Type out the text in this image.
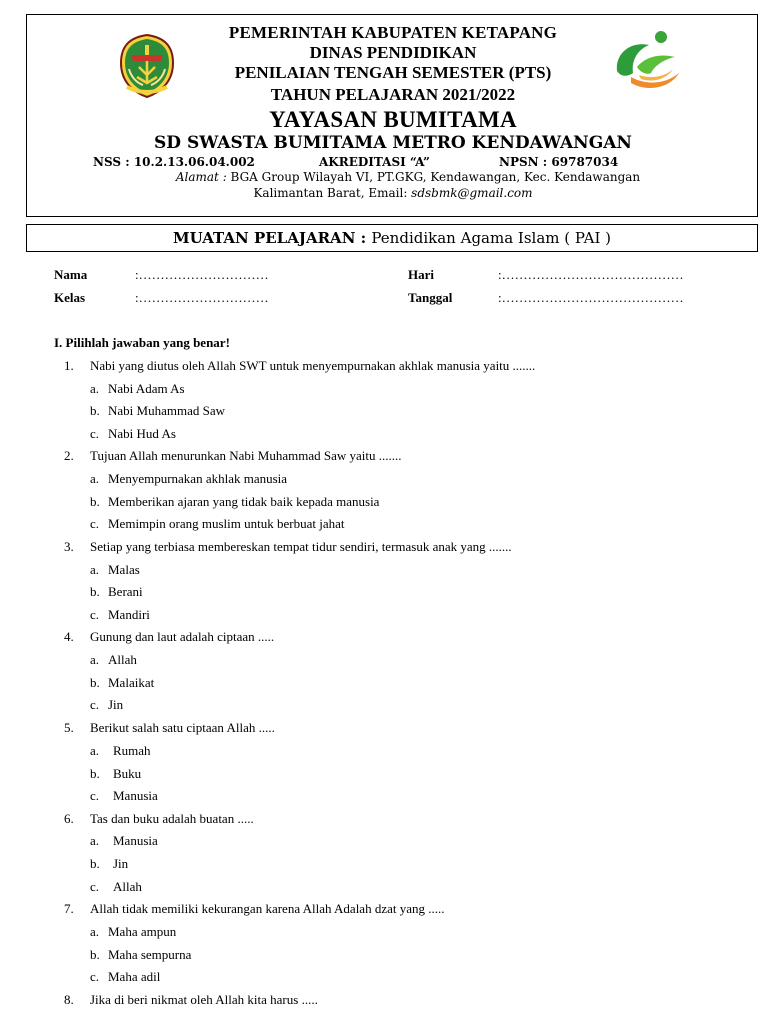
PEMERINTAH KABUPATEN KETAPANG
DINAS PENDIDIKAN
PENILAIAN TENGAH SEMESTER (PTS)
TAHUN PELAJARAN 2021/2022
YAYASAN BUMITAMA
SD SWASTA BUMITAMA METRO KENDAWANGAN
NSS : 10.2.13.06.04.002	AKREDITASI “A”	NPSN : 69787034
Alamat : BGA Group Wilayah VI, PT.GKG, Kendawangan, Kec. Kendawangan
Kalimantan Barat, Email: sdsbmk@gmail.com
MUATAN PELAJARAN : Pendidikan Agama Islam ( PAI )
Nama	:…………………………
Kelas	:…………………………
Hari	:……………………………………
Tanggal	:……………………………………
I. Pilihlah jawaban yang benar!
1. Nabi yang diutus oleh Allah SWT untuk menyempurnakan akhlak manusia yaitu .......
a. Nabi Adam As
b. Nabi Muhammad Saw
c. Nabi Hud As
2. Tujuan Allah menurunkan Nabi Muhammad Saw yaitu .......
a. Menyempurnakan akhlak manusia
b. Memberikan ajaran yang tidak baik kepada manusia
c. Memimpin orang muslim untuk berbuat jahat
3. Setiap yang terbiasa membereskan tempat tidur sendiri, termasuk anak yang .......
a. Malas
b. Berani
c. Mandiri
4. Gunung dan laut adalah ciptaan .....
a. Allah
b. Malaikat
c. Jin
5. Berikut salah satu ciptaan Allah .....
a. Rumah
b. Buku
c. Manusia
6. Tas dan buku adalah buatan .....
a. Manusia
b. Jin
c. Allah
7. Allah tidak memiliki kekurangan karena Allah Adalah dzat yang .....
a. Maha ampun
b. Maha sempurna
c. Maha adil
8. Jika di beri nikmat oleh Allah kita harus .....
